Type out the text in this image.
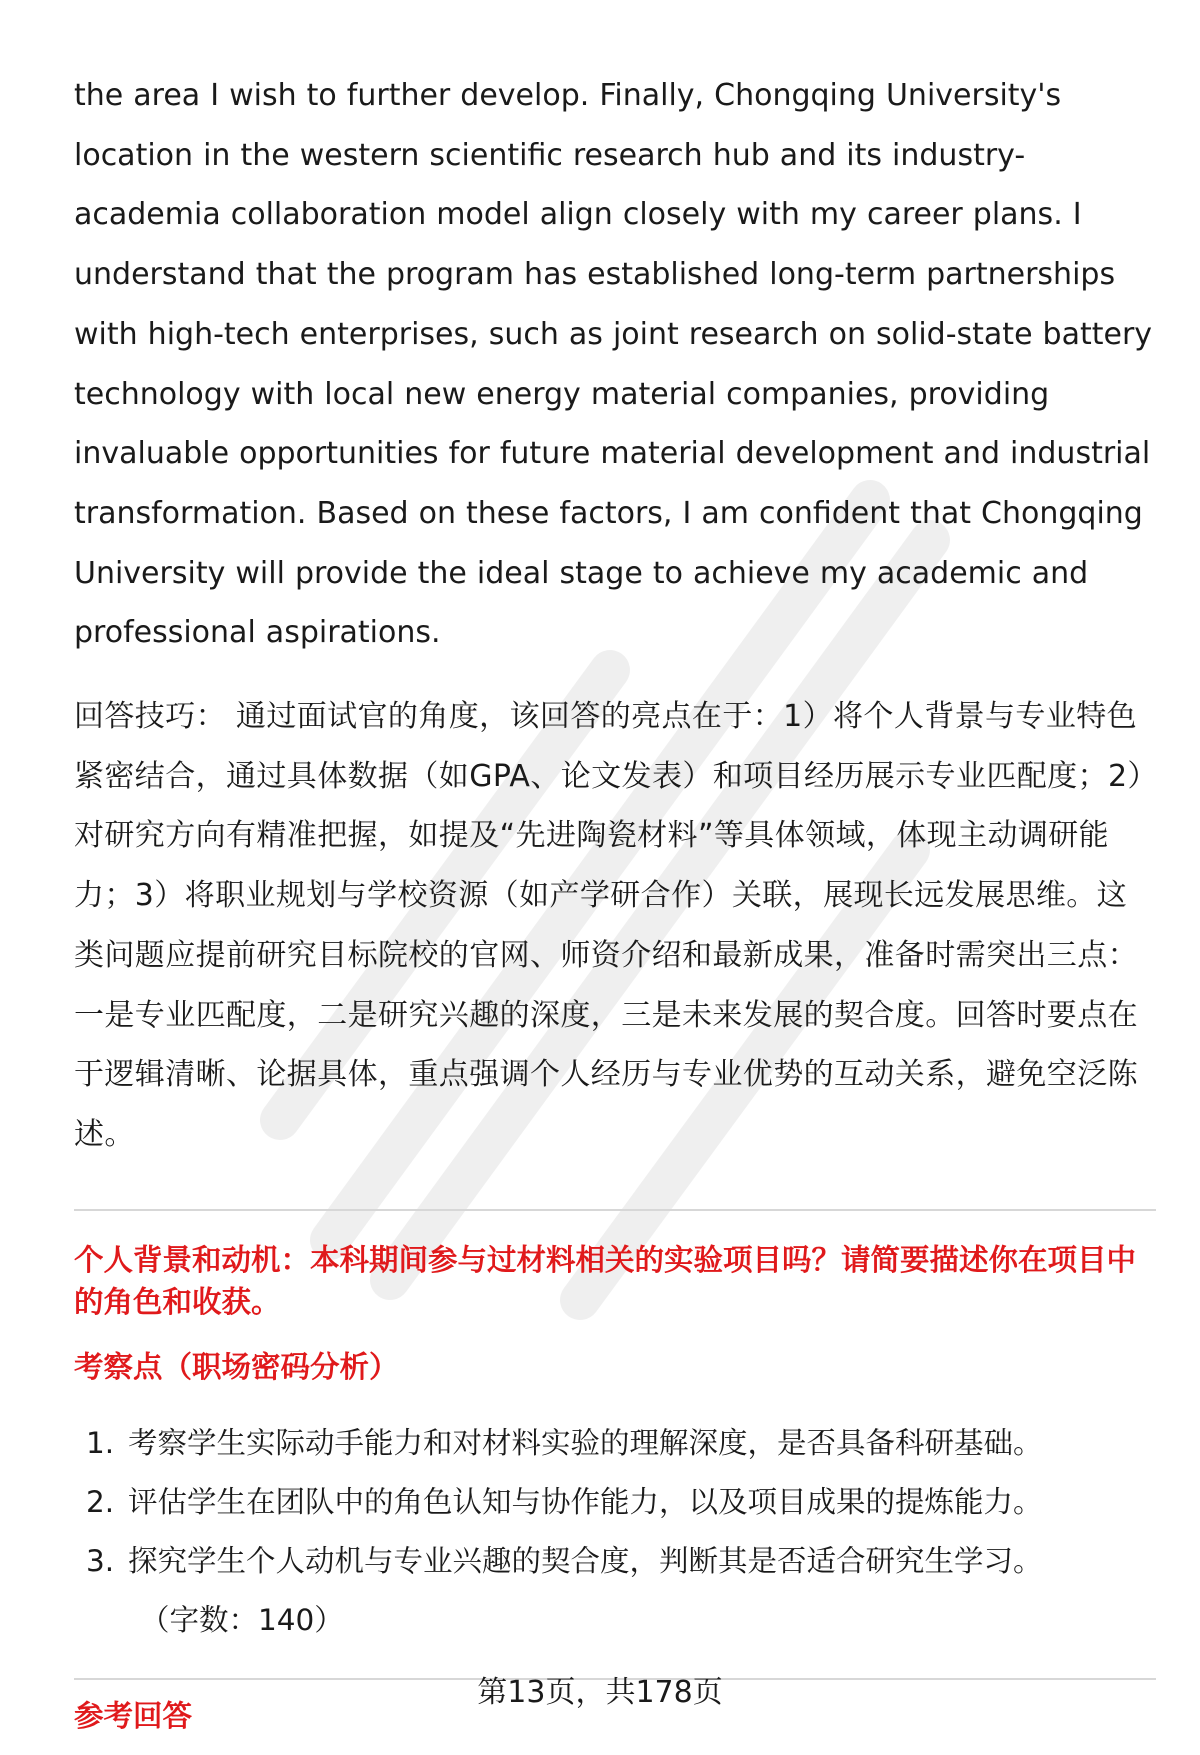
the area I wish to further develop. Finally, Chongqing University's location in the western scientific research hub and its industry-academia collaboration model align closely with my career plans. I understand that the program has established long-term partnerships with high-tech enterprises, such as joint research on solid-state battery technology with local new energy material companies, providing invaluable opportunities for future material development and industrial transformation. Based on these factors, I am confident that Chongqing University will provide the ideal stage to achieve my academic and professional aspirations.

回答技巧： 通过面试官的角度，该回答的亮点在于：1）将个人背景与专业特色紧密结合，通过具体数据（如GPA、论文发表）和项目经历展示专业匹配度；2）对研究方向有精准把握，如提及“先进陶瓷材料”等具体领域，体现主动调研能力；3）将职业规划与学校资源（如产学研合作）关联，展现长远发展思维。这类问题应提前研究目标院校的官网、师资介绍和最新成果，准备时需突出三点：一是专业匹配度，二是研究兴趣的深度，三是未来发展的契合度。回答时要点在于逻辑清晰、论据具体，重点强调个人经历与专业优势的互动关系，避免空泛陈述。

个人背景和动机：本科期间参与过材料相关的实验项目吗？请简要描述你在项目中的角色和收获。

考察点（职场密码分析）

1. 考察学生实际动手能力和对材料实验的理解深度，是否具备科研基础。
2. 评估学生在团队中的角色认知与协作能力，以及项目成果的提炼能力。
3. 探究学生个人动机与专业兴趣的契合度，判断其是否适合研究生学习。

（字数：140）

参考回答

第13页，共178页
